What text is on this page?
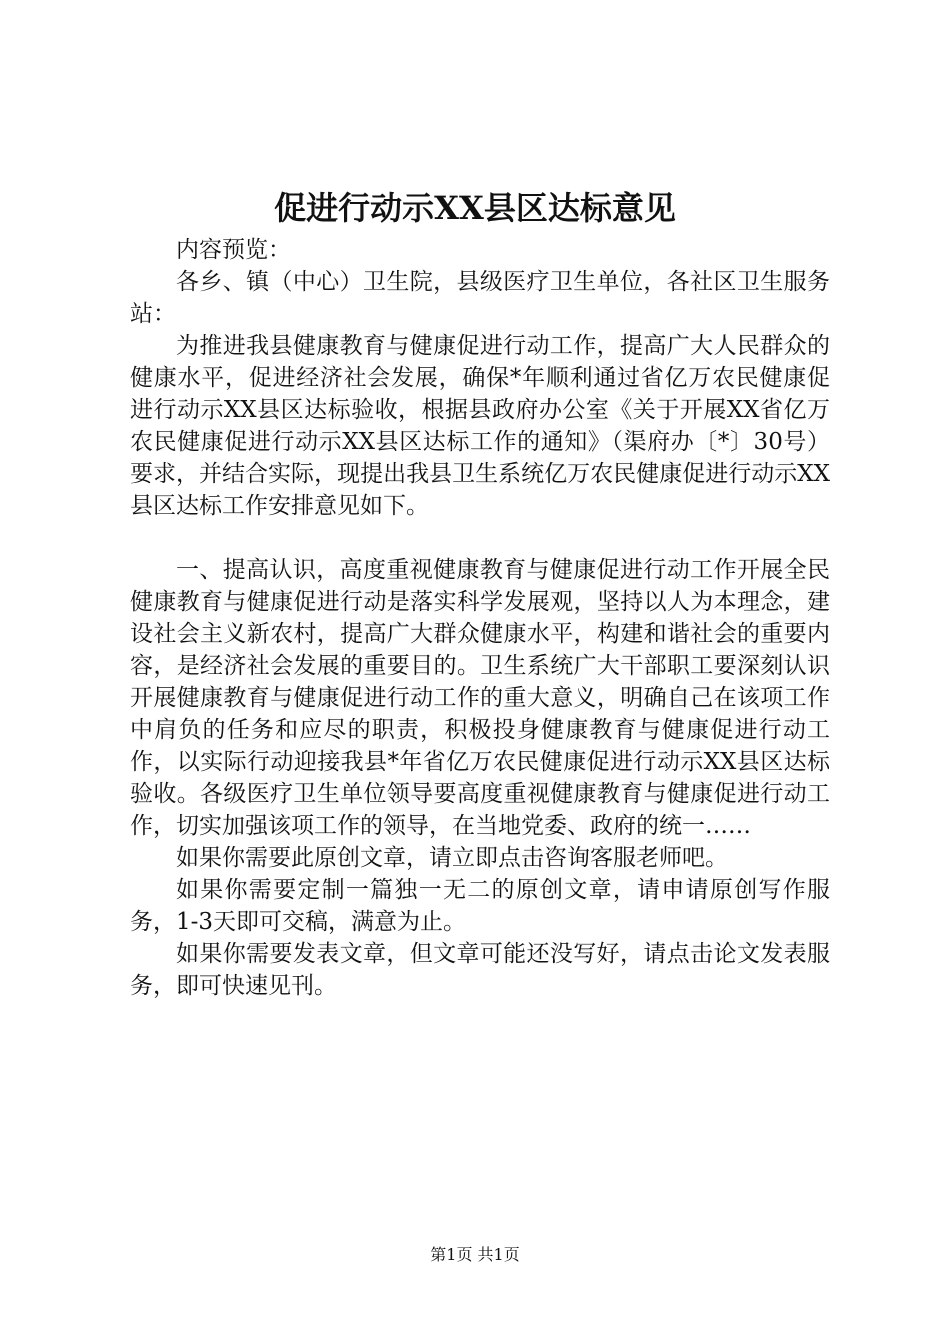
促进行动示XX县区达标意见

内容预览：

各乡、镇（中心）卫生院，县级医疗卫生单位，各社区卫生服务站：

为推进我县健康教育与健康促进行动工作，提高广大人民群众的健康水平，促进经济社会发展，确保*年顺利通过省亿万农民健康促进行动示XX县区达标验收，根据县政府办公室《关于开展XX省亿万农民健康促进行动示XX县区达标工作的通知》（渠府办〔*〕30号）要求，并结合实际，现提出我县卫生系统亿万农民健康促进行动示XX县区达标工作安排意见如下。

一、提高认识，高度重视健康教育与健康促进行动工作开展全民健康教育与健康促进行动是落实科学发展观，坚持以人为本理念，建设社会主义新农村，提高广大群众健康水平，构建和谐社会的重要内容，是经济社会发展的重要目的。卫生系统广大干部职工要深刻认识开展健康教育与健康促进行动工作的重大意义，明确自己在该项工作中肩负的任务和应尽的职责，积极投身健康教育与健康促进行动工作，以实际行动迎接我县*年省亿万农民健康促进行动示XX县区达标验收。各级医疗卫生单位领导要高度重视健康教育与健康促进行动工作，切实加强该项工作的领导，在当地党委、政府的统一……

如果你需要此原创文章，请立即点击咨询客服老师吧。

如果你需要定制一篇独一无二的原创文章，请申请原创写作服务，1-3天即可交稿，满意为止。

如果你需要发表文章，但文章可能还没写好，请点击论文发表服务，即可快速见刊。

第1页 共1页
